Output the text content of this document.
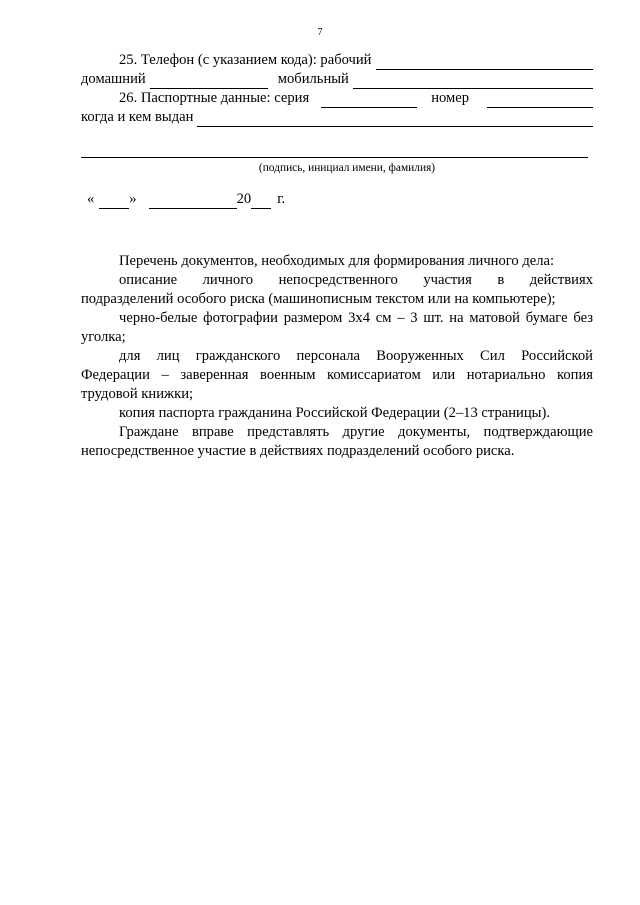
7
25. Телефон (с указанием кода): рабочий
домашний	мобильный
26. Паспортные данные: серия	номер
когда и кем выдан
(подпись, инициал имени, фамилия)
« »	20	г.
Перечень документов, необходимых для формирования личного дела:
описание личного непосредственного участия в действиях
подразделений особого риска (машинописным текстом или на компьютере);
черно-белые фотографии размером 3х4 см – 3 шт. на матовой бумаге без
уголка;
для лиц гражданского персонала Вооруженных Сил Российской
Федерации – заверенная военным комиссариатом или нотариально копия
трудовой книжки;
копия паспорта гражданина Российской Федерации (2–13 страницы).
Граждане вправе представлять другие документы, подтверждающие
непосредственное участие в действиях подразделений особого риска.
